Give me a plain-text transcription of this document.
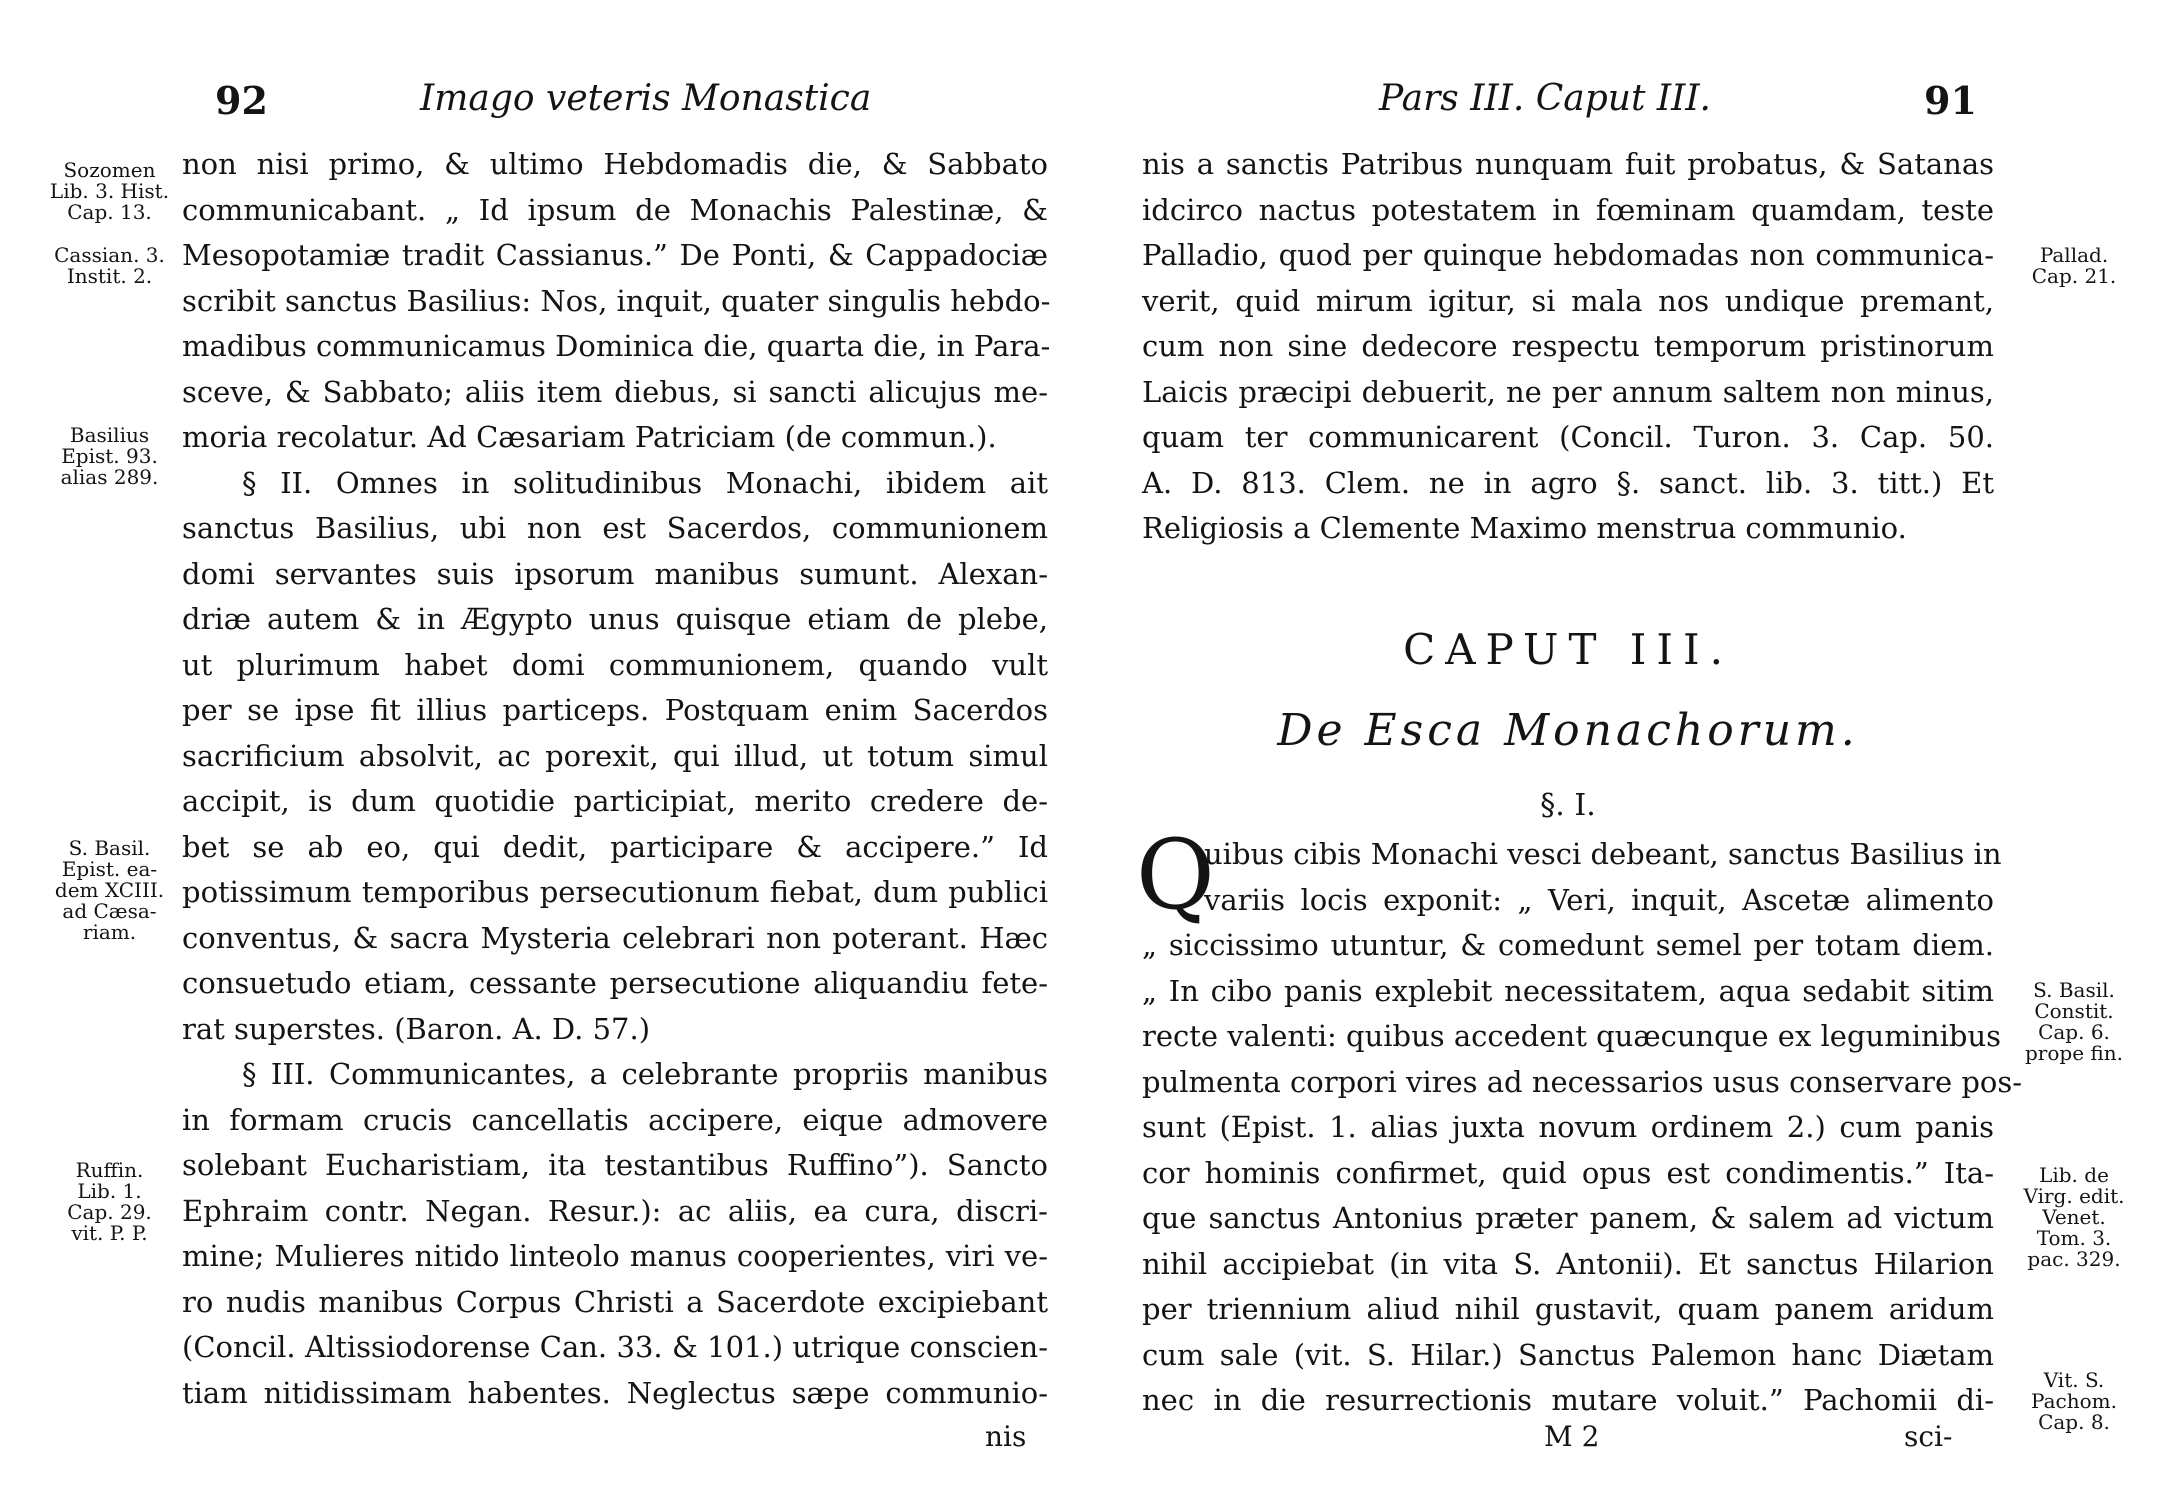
92	Imago veteris Monastica
Sozomen
Lib. 3. Hist.
Cap. 13.
Cassian. 3.
Instit. 2.
Basilius
Epist. 93.
alias 289.
S. Basil.
Epist. ea-
dem XCIII.
ad Cæsa-
riam.
Ruffin.
Lib. 1.
Cap. 29.
vit. P. P.
non nisi primo, & ultimo Hebdomadis die, & Sabbato
communicabant. „ Id ipsum de Monachis Palestinæ, &
Mesopotamiæ tradit Cassianus.” De Ponti, & Cappadociæ
scribit sanctus Basilius: Nos, inquit, quater singulis hebdo-
madibus communicamus Dominica die, quarta die, in Para-
sceve, & Sabbato; aliis item diebus, si sancti alicujus me-
moria recolatur. Ad Cæsariam Patriciam (de commun.).
§ II. Omnes in solitudinibus Monachi, ibidem ait
sanctus Basilius, ubi non est Sacerdos, communionem
domi servantes suis ipsorum manibus sumunt. Alexan-
driæ autem & in Ægypto unus quisque etiam de plebe,
ut plurimum habet domi communionem, quando vult
per se ipse fit illius particeps. Postquam enim Sacerdos
sacrificium absolvit, ac porexit, qui illud, ut totum simul
accipit, is dum quotidie participiat, merito credere de-
bet se ab eo, qui dedit, participare & accipere.” Id
potissimum temporibus persecutionum fiebat, dum publici
conventus, & sacra Mysteria celebrari non poterant. Hæc
consuetudo etiam, cessante persecutione aliquandiu fete-
rat superstes. (Baron. A. D. 57.)
§ III. Communicantes, a celebrante propriis manibus
in formam crucis cancellatis accipere, eique admovere
solebant Eucharistiam, ita testantibus Ruffino”). Sancto
Ephraim contr. Negan. Resur.): ac aliis, ea cura, discri-
mine; Mulieres nitido linteolo manus cooperientes, viri ve-
ro nudis manibus Corpus Christi a Sacerdote excipiebant
(Concil. Altissiodorense Can. 33. & 101.) utrique conscien-
tiam nitidissimam habentes. Neglectus sæpe communio-
nis
Pars III. Caput III.	91
Pallad.
Cap. 21.
S. Basil.
Constit.
Cap. 6.
prope fin.
Lib. de
Virg. edit.
Venet.
Tom. 3.
pac. 329.
Vit. S.
Pachom.
Cap. 8.
nis a sanctis Patribus nunquam fuit probatus, & Satanas
idcirco nactus potestatem in fœminam quamdam, teste
Palladio, quod per quinque hebdomadas non communica-
verit, quid mirum igitur, si mala nos undique premant,
cum non sine dedecore respectu temporum pristinorum
Laicis præcipi debuerit, ne per annum saltem non minus,
quam ter communicarent (Concil. Turon. 3. Cap. 50.
A. D. 813. Clem. ne in agro §. sanct. lib. 3. titt.) Et
Religiosis a Clemente Maximo menstrua communio.
CAPUT III.
De Esca Monachorum.
§. I.
Q
uibus cibis Monachi vesci debeant, sanctus Basilius in
variis locis exponit: „ Veri, inquit, Ascetæ alimento
„ siccissimo utuntur, & comedunt semel per totam diem.
„ In cibo panis explebit necessitatem, aqua sedabit sitim
recte valenti: quibus accedent quæcunque ex leguminibus
pulmenta corpori vires ad necessarios usus conservare pos-
sunt (Epist. 1. alias juxta novum ordinem 2.) cum panis
cor hominis confirmet, quid opus est condimentis.” Ita-
que sanctus Antonius præter panem, & salem ad victum
nihil accipiebat (in vita S. Antonii). Et sanctus Hilarion
per triennium aliud nihil gustavit, quam panem aridum
cum sale (vit. S. Hilar.) Sanctus Palemon hanc Diætam
nec in die resurrectionis mutare voluit.” Pachomii di-
M 2	sci-
